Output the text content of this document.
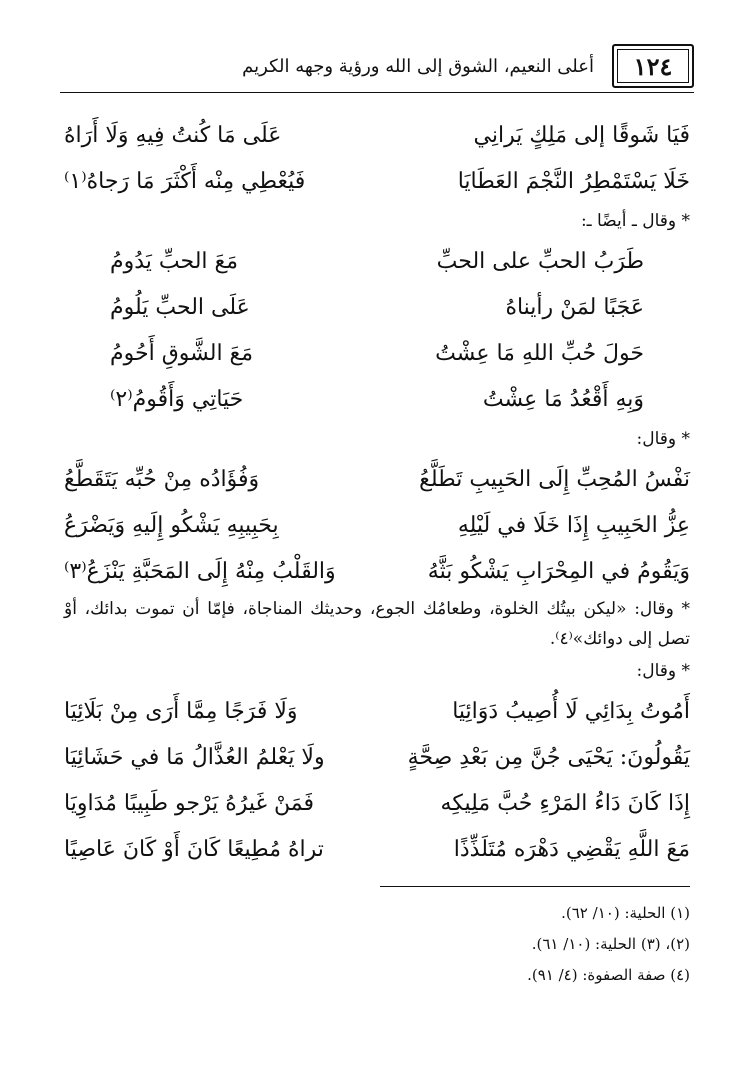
١٢٤
أعلى النعيم، الشوق إلى الله ورؤية وجهه الكريم
فَيَا شَوقًا إلى مَلِكٍ يَرانِي
عَلَى مَا كُنتُ فِيهِ وَلَا أَرَاهُ
خَلَا يَسْتَمْطِرُ النَّجْمَ العَطَايَا
فَيُعْطِي مِنْه أَكْثَرَ مَا رَجاهُ⁽١⁾
* وقال ـ أيضًا ـ:
طَرَبُ الحبِّ على الحبِّ
مَعَ الحبِّ يَدُومُ
عَجَبًا لمَنْ رأيناهُ
عَلَى الحبِّ يَلُومُ
حَولَ حُبِّ اللهِ مَا عِشْتُ
مَعَ الشَّوقِ أَحُومُ
وَبِهِ أَقْعُدُ مَا عِشْتُ
حَيَاتِي وَأَقُومُ⁽٢⁾
* وقال:
نَفْسُ المُحِبِّ إِلَى الحَبِيبِ تَطَلَّعُ
وَفُؤَادُه مِنْ حُبِّه يَتَقَطَّعُ
عِزُّ الحَبِيبِ إِذَا خَلَا في لَيْلِهِ
بِحَبِيبِهِ يَشْكُو إِلَيهِ وَيَضْرَعُ
وَيَقُومُ في المِحْرَابِ يَشْكُو بَثَّهُ
وَالقَلْبُ مِنْهُ إِلَى المَحَبَّةِ يَنْزَعُ⁽٣⁾
* وقال: «ليكن بيتُك الخلوة، وطعامُك الجوع، وحديثك المناجاة، فإمّا أن تموت بدائك، أوْ تصل إلى دوائك»⁽٤⁾.
* وقال:
أَمُوتُ بِدَائِي لَا أُصِيبُ دَوَائِيَا
وَلَا فَرَجًا مِمَّا أَرَى مِنْ بَلَائِيَا
يَقُولُونَ: يَحْيَى جُنَّ مِن بَعْدِ صِحَّةٍ
ولَا يَعْلمُ العُذَّالُ مَا في حَشَائِيَا
إِذَا كَانَ دَاءُ المَرْءِ حُبَّ مَلِيكِه
فَمَنْ غَيرُهُ يَرْجو طَبِيبًا مُدَاوِيَا
مَعَ اللَّهِ يَقْضِي دَهْرَه مُتَلَذِّذًا
تراهُ مُطِيعًا كَانَ أَوْ كَانَ عَاصِيًا
(١) الحلية: (١٠/ ٦٢).
(٢)، (٣) الحلية: (١٠/ ٦١).
(٤) صفة الصفوة: (٤/ ٩١).
